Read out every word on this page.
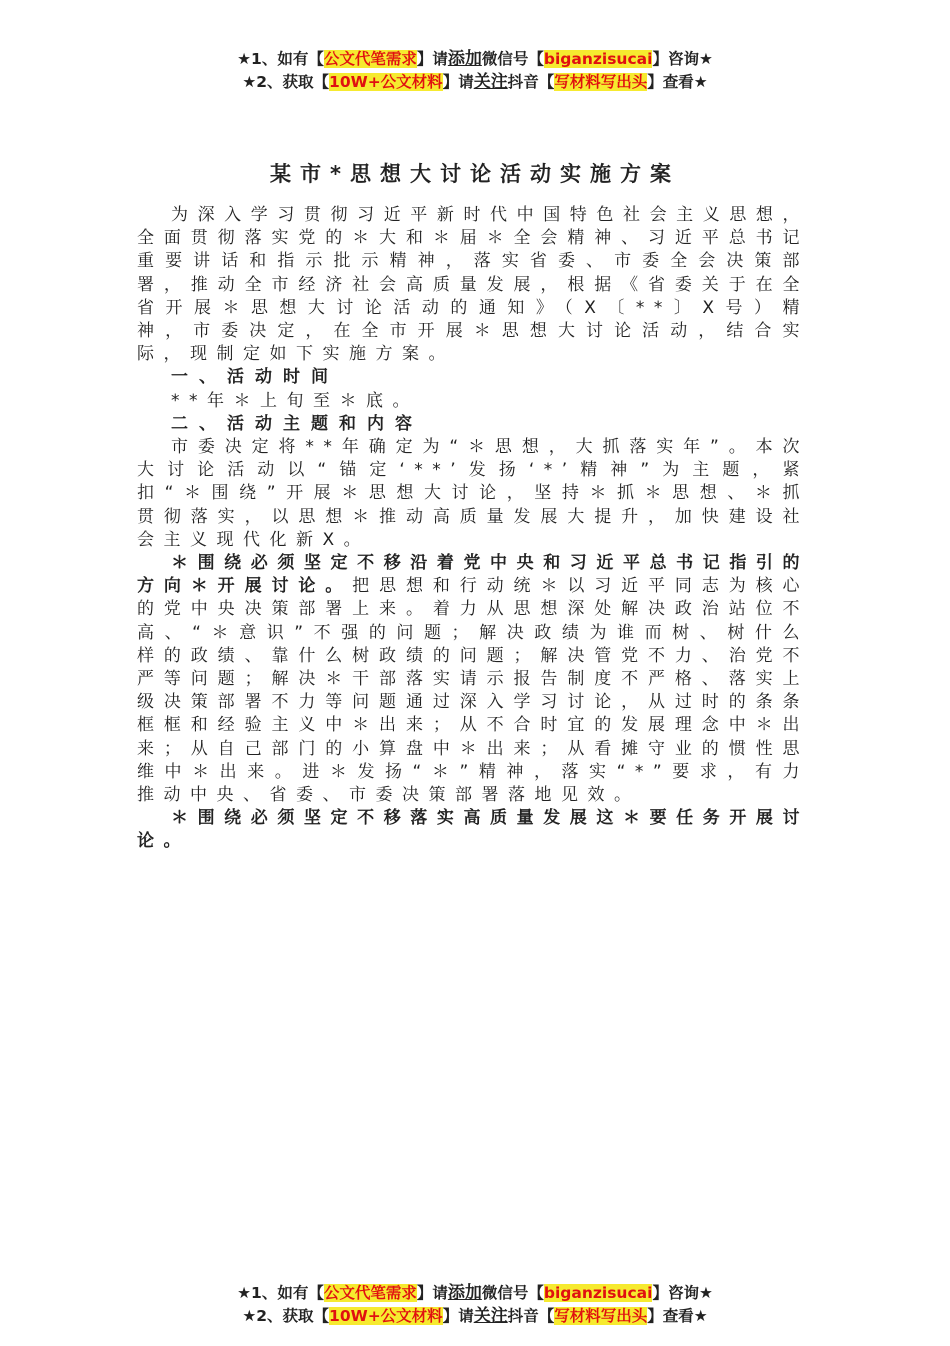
★1、如有【公文代笔需求】请添加微信号【biganzisucai】咨询★
★2、获取【10W+公文材料】请关注抖音【写材料写出头】查看★
某市*思想大讨论活动实施方案

为深入学习贯彻习近平新时代中国特色社会主义思想，全面贯彻落实党的＊大和＊届＊全会精神、习近平总书记重要讲话和指示批示精神，落实省委、市委全会决策部署，推动全市经济社会高质量发展，根据《省委关于在全省开展＊思想大讨论活动的通知》（X〔**〕X号）精神，市委决定，在全市开展＊思想大讨论活动，结合实际，现制定如下实施方案。

一、活动时间

**年＊上旬至＊底。

二、活动主题和内容

市委决定将**年确定为“＊思想，大抓落实年”。本次大讨论活动以“锚定‘**’发扬‘*’精神”为主题，紧扣“＊围绕”开展＊思想大讨论，坚持＊抓＊思想、＊抓贯彻落实，以思想＊推动高质量发展大提升，加快建设社会主义现代化新X。

＊围绕必须坚定不移沿着党中央和习近平总书记指引的方向＊开展讨论。把思想和行动统＊以习近平同志为核心的党中央决策部署上来。着力从思想深处解决政治站位不高、“＊意识”不强的问题；解决政绩为谁而树、树什么样的政绩、靠什么树政绩的问题；解决管党不力、治党不严等问题；解决＊干部落实请示报告制度不严格、落实上级决策部署不力等问题通过深入学习讨论，从过时的条条框框和经验主义中＊出来；从不合时宜的发展理念中＊出来；从自己部门的小算盘中＊出来；从看摊守业的惯性思维中＊出来。进＊发扬“＊”精神，落实“*”要求，有力推动中央、省委、市委决策部署落地见效。

＊围绕必须坚定不移落实高质量发展这＊要任务开展讨论。

★1、如有【公文代笔需求】请添加微信号【biganzisucai】咨询★
★2、获取【10W+公文材料】请关注抖音【写材料写出头】查看★
